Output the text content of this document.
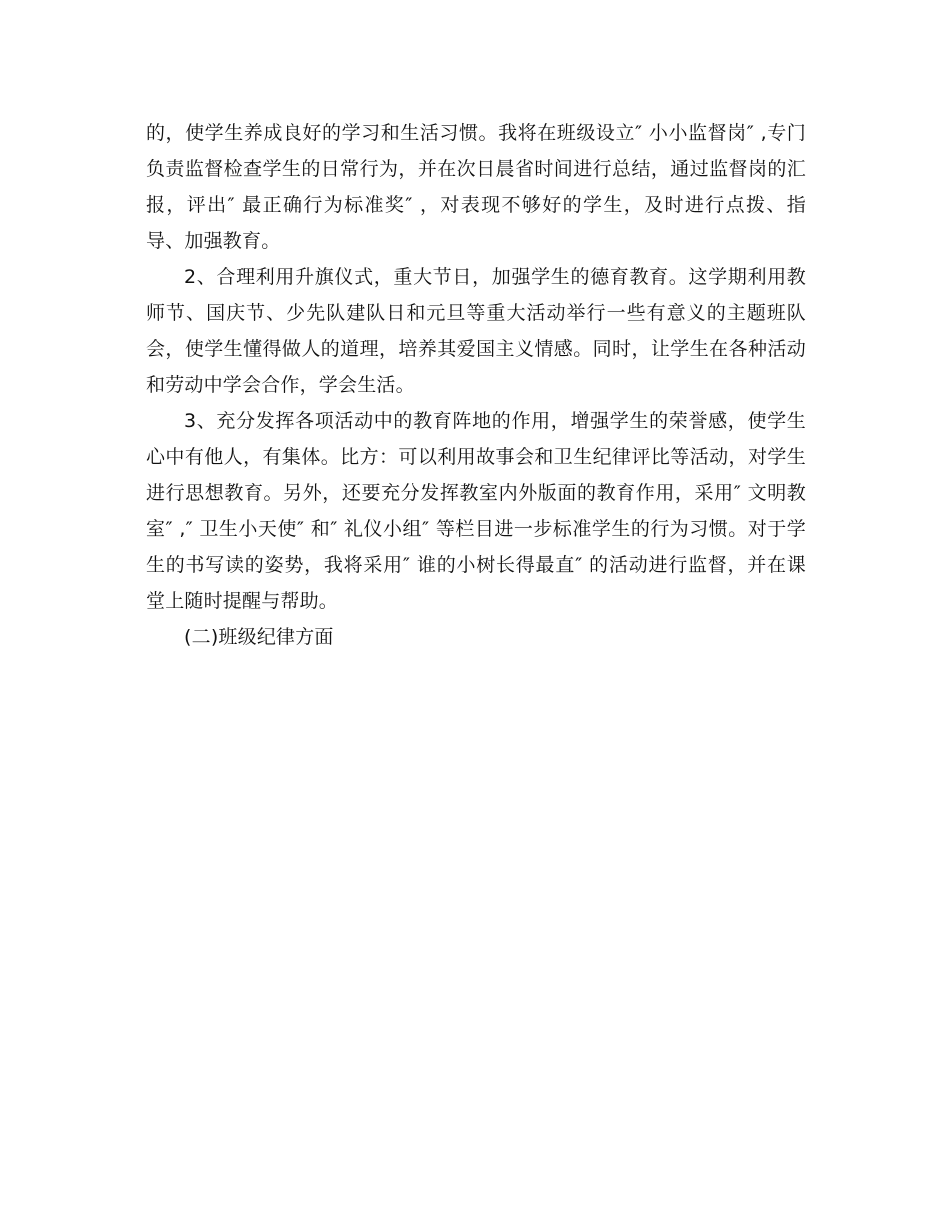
的，使学生养成良好的学习和生活习惯。我将在班级设立″ 小小监督岗″ ,专门负责监督检查学生的日常行为，并在次日晨省时间进行总结，通过监督岗的汇报，评出″ 最正确行为标准奖″ ，对表现不够好的学生，及时进行点拨、指导、加强教育。

2、合理利用升旗仪式，重大节日，加强学生的德育教育。这学期利用教师节、国庆节、少先队建队日和元旦等重大活动举行一些有意义的主题班队会，使学生懂得做人的道理，培养其爱国主义情感。同时，让学生在各种活动和劳动中学会合作，学会生活。

3、充分发挥各项活动中的教育阵地的作用，增强学生的荣誉感，使学生心中有他人，有集体。比方：可以利用故事会和卫生纪律评比等活动，对学生进行思想教育。另外，还要充分发挥教室内外版面的教育作用，采用″ 文明教室″ ,″ 卫生小天使″ 和″ 礼仪小组″ 等栏目进一步标准学生的行为习惯。对于学生的书写读的姿势，我将采用″ 谁的小树长得最直″ 的活动进行监督，并在课堂上随时提醒与帮助。

(二)班级纪律方面
